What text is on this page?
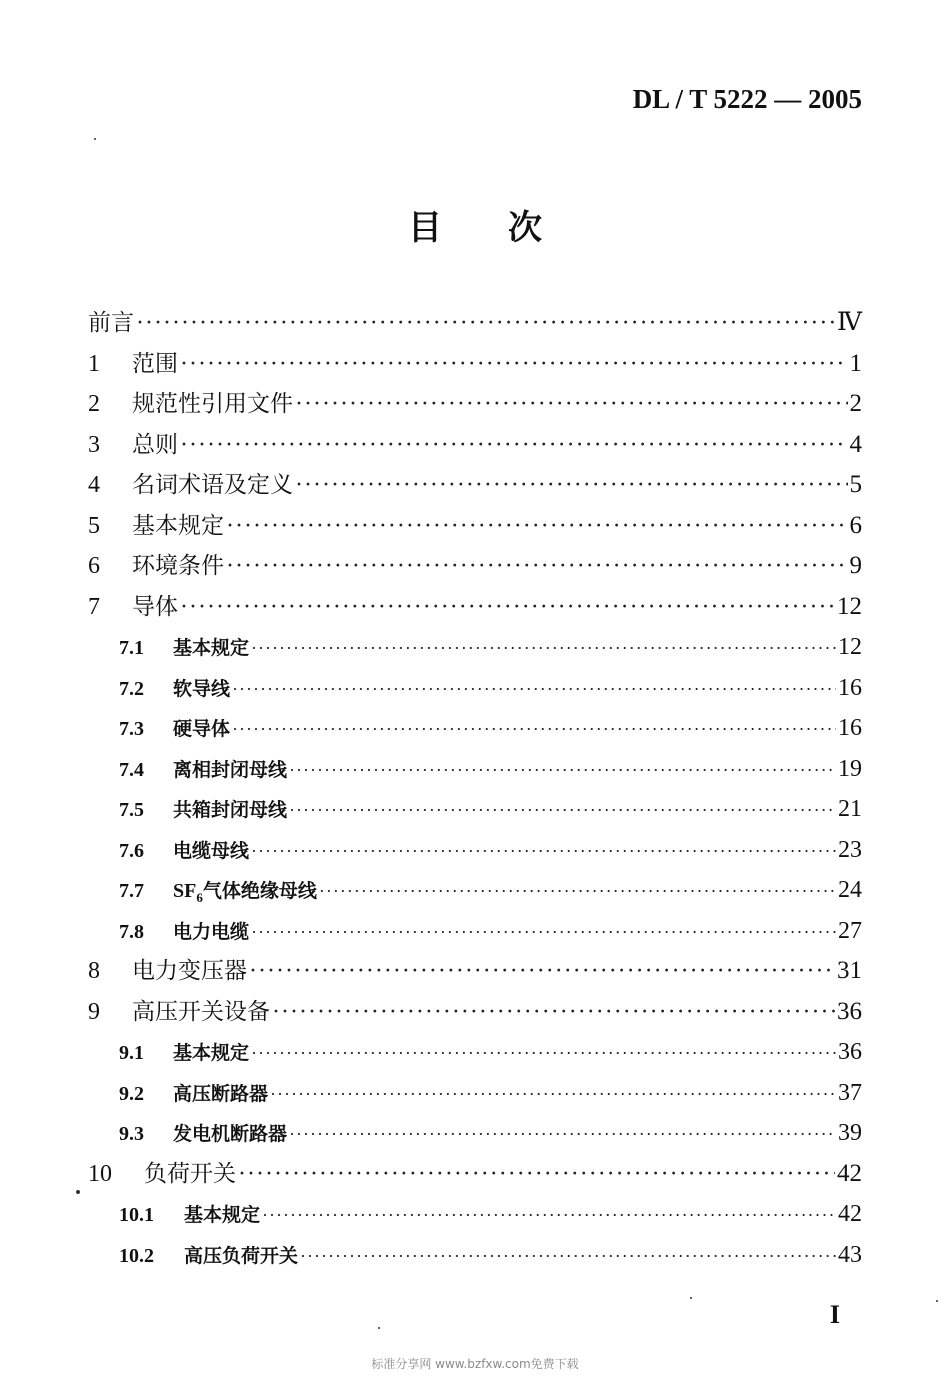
DL / T 5222 — 2005
目 次
前言 ·····	Ⅳ
1	范围 ·····	1
2	规范性引用文件 ·····	2
3	总则 ·····	4
4	名词术语及定义 ·····	5
5	基本规定 ·····	6
6	环境条件 ·····	9
7	导体 ·····	12
7.1	基本规定 ·····	12
7.2	软导线 ·····	16
7.3	硬导体 ·····	16
7.4	离相封闭母线 ·····	19
7.5	共箱封闭母线 ·····	21
7.6	电缆母线 ·····	23
7.7	$SF_6$气体绝缘母线 ·····	24
7.8	电力电缆 ·····	27
8	电力变压器 ·····	31
9	高压开关设备 ·····	36
9.1	基本规定 ·····	36
9.2	高压断路器 ·····	37
9.3	发电机断路器 ·····	39
10	负荷开关 ·····	42
10.1	基本规定 ·····	42
10.2	高压负荷开关 ·····	43
I
标准分享网 www.bzfxw.com免费下载
